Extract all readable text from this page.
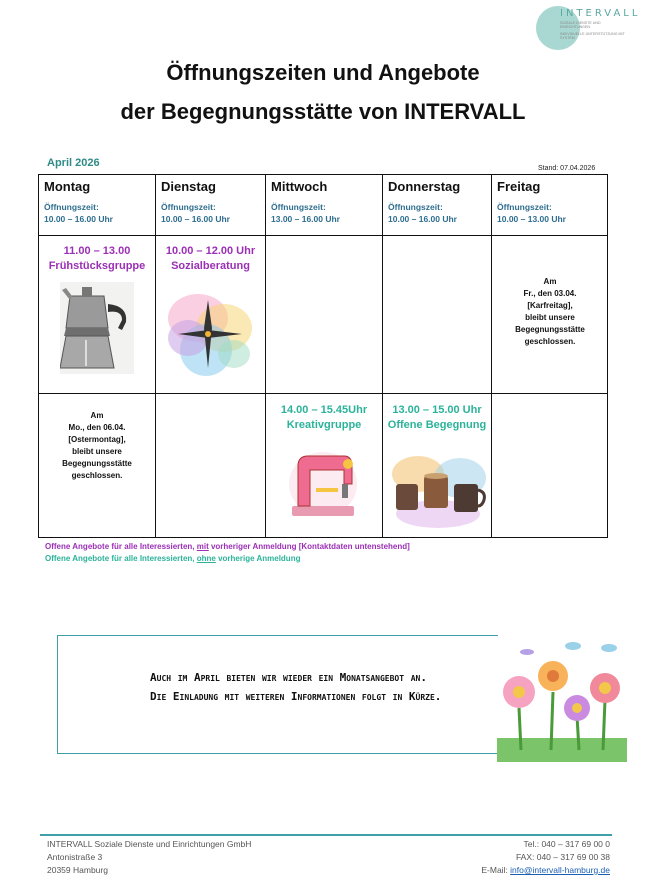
INTERVALL
SOZIALE DIENSTE UND EINRICHTUNGEN
INDIVIDUELLE UNTERSTÜTZUNG MIT SYSTEM
Öffnungszeiten und Angebote
der Begegnungsstätte von INTERVALL
April 2026	Stand: 07.04.2026
Montag
Öffnungszeit:
10.00 – 16.00 Uhr
Dienstag
Öffnungszeit:
10.00 – 16.00 Uhr
Mittwoch
Öffnungszeit:
13.00 – 16.00 Uhr
Donnerstag
Öffnungszeit:
10.00 – 16.00 Uhr
Freitag
Öffnungszeit:
10.00 – 13.00 Uhr
11.00 – 13.00
Frühstücksgruppe
10.00 – 12.00 Uhr
Sozialberatung
Am
Fr., den 03.04.
[Karfreitag],
bleibt unsere
Begegnungsstätte
geschlossen.
Am
Mo., den 06.04.
[Ostermontag],
bleibt unsere
Begegnungsstätte
geschlossen.
14.00 – 15.45Uhr
Kreativgruppe
13.00 – 15.00 Uhr
Offene Begegnung
Offene Angebote für alle Interessierten, mit vorheriger Anmeldung [Kontaktdaten untenstehend]
Offene Angebote für alle Interessierten, ohne vorherige Anmeldung
Auch im April bieten wir wieder ein Monatsangebot an.
Die Einladung mit weiteren Informationen folgt in Kürze.
INTERVALL Soziale Dienste und Einrichtungen GmbH
Antonistraße 3
20359 Hamburg
Tel.: 040 – 317 69 00 0
FAX: 040 – 317 69 00 38
E-Mail: info@intervall-hamburg.de
